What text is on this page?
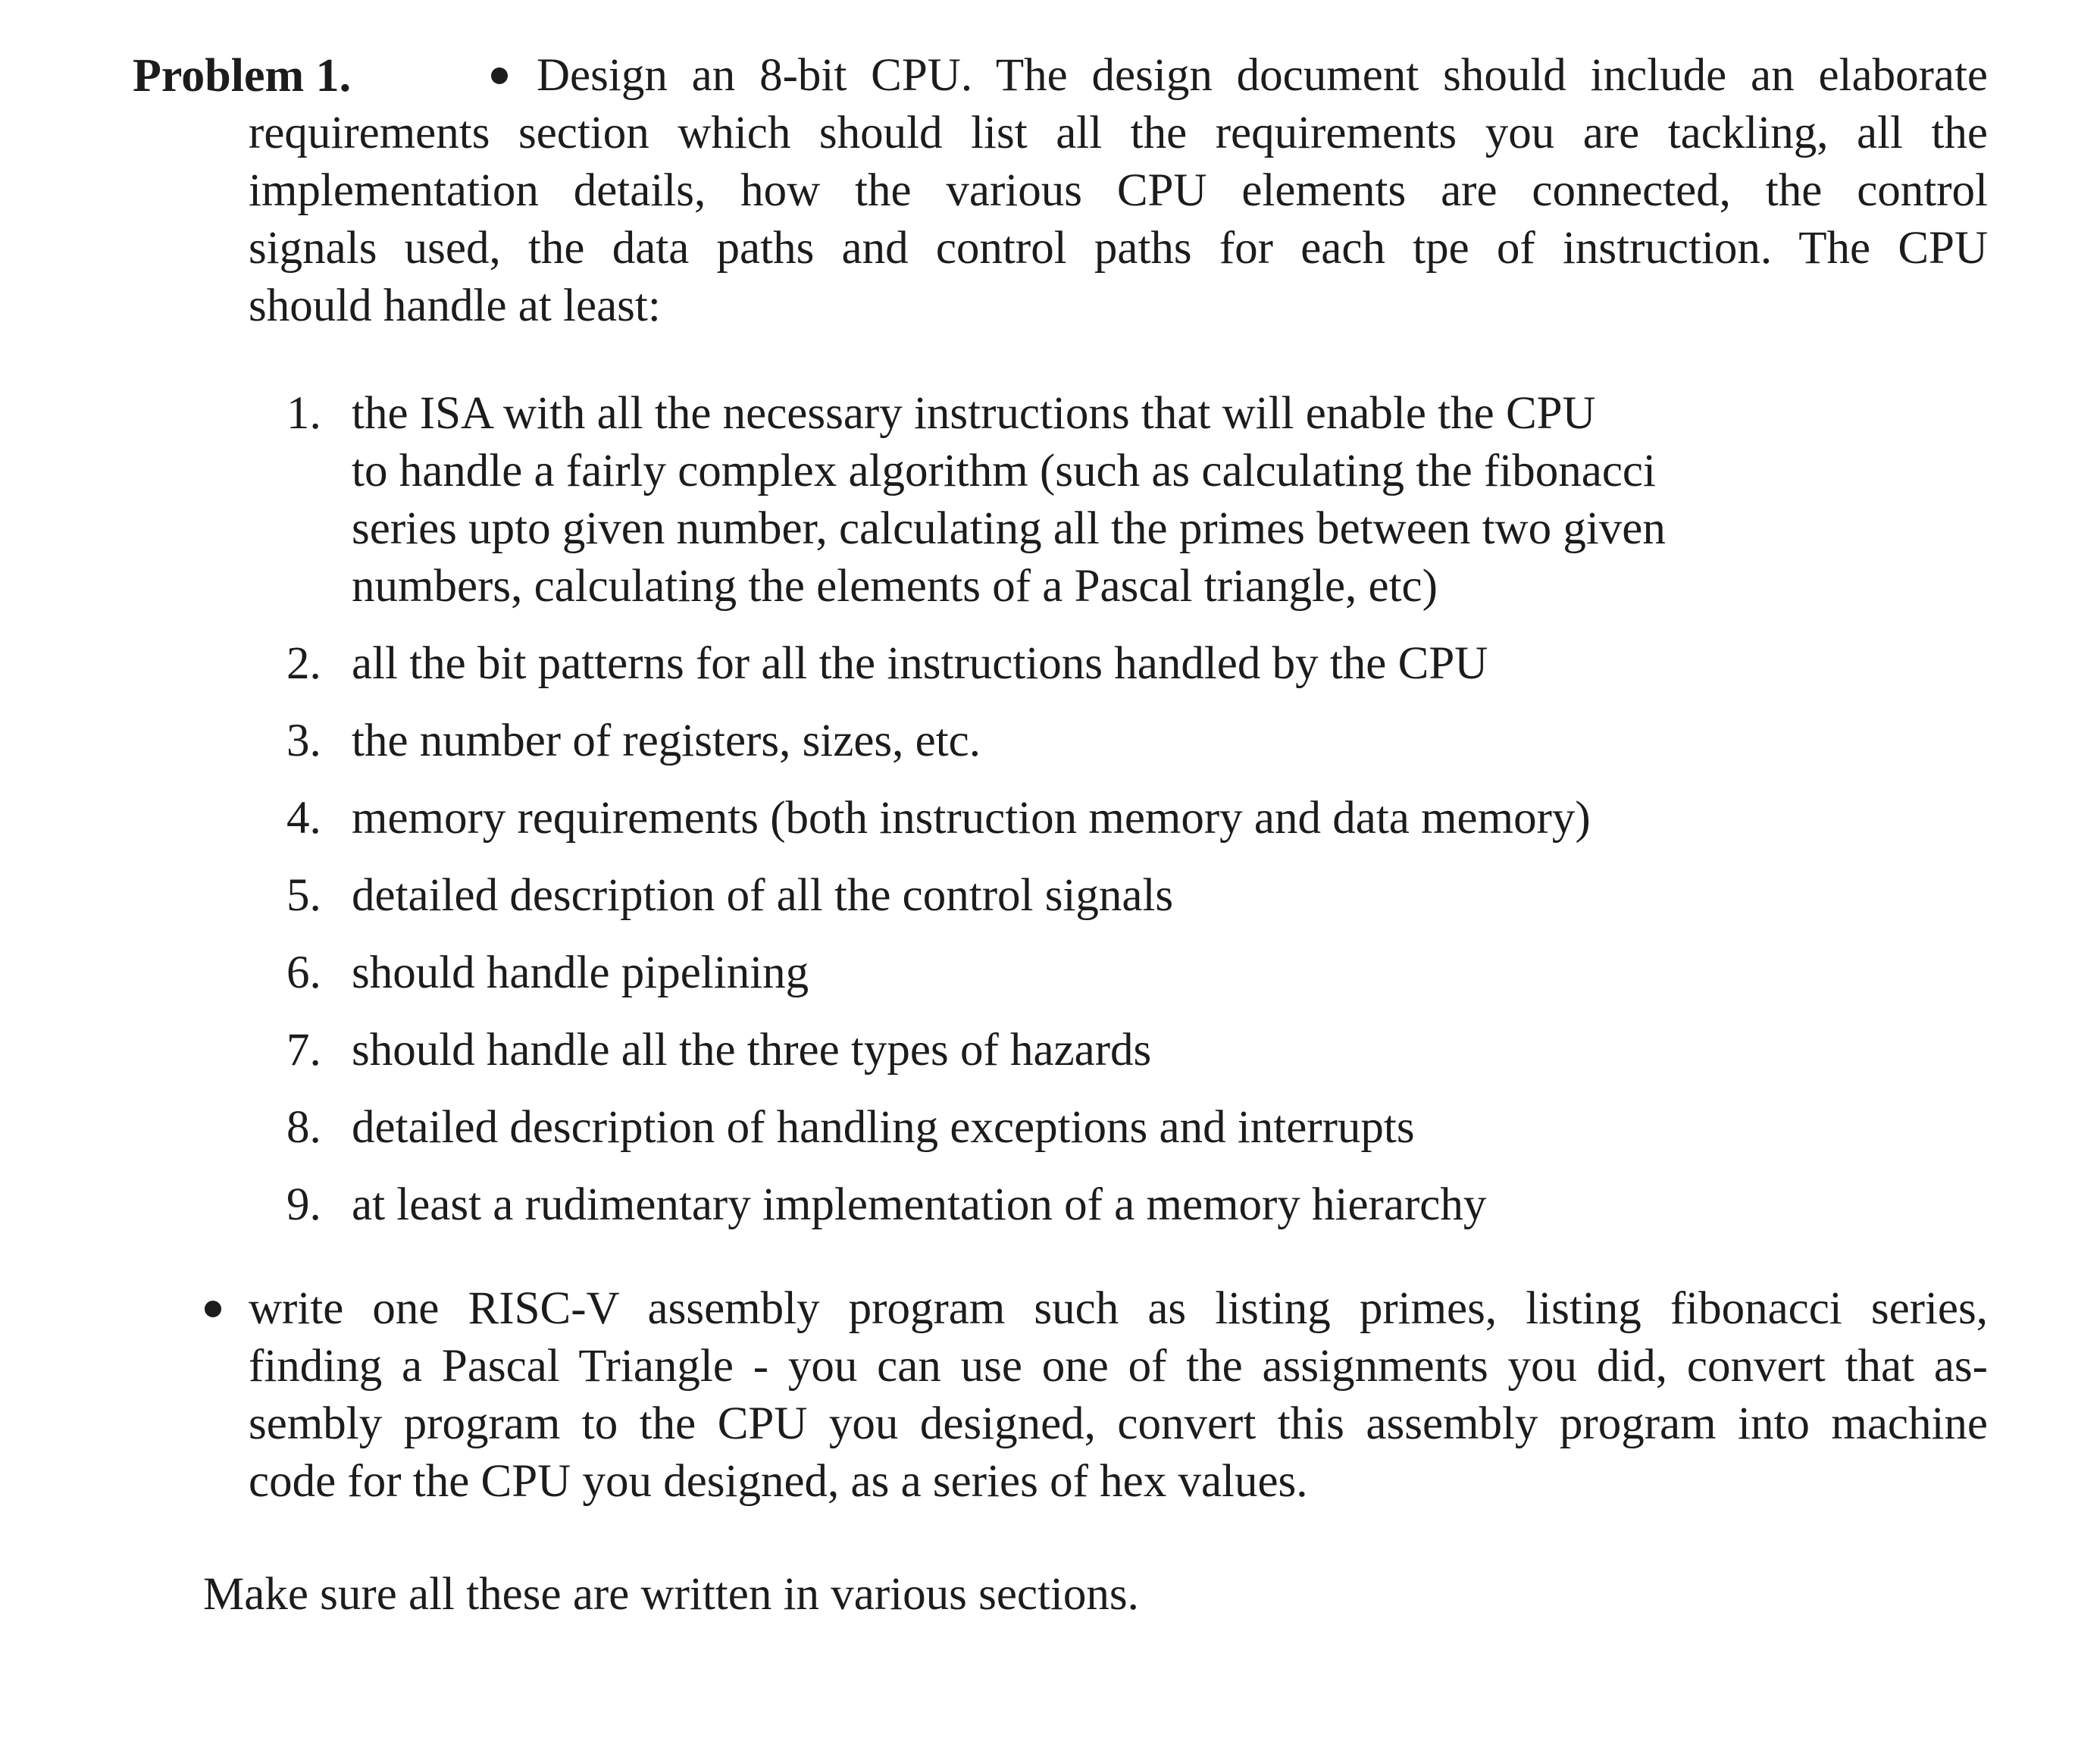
Problem 1.	Design an 8-bit CPU. The design document should include an elaborate
requirements section which should list all the requirements you are tackling, all the
implementation details, how the various CPU elements are connected, the control
signals used, the data paths and control paths for each tpe of instruction. The CPU
should handle at least:
1. the ISA with all the necessary instructions that will enable the CPU
to handle a fairly complex algorithm (such as calculating the fibonacci
series upto given number, calculating all the primes between two given
numbers, calculating the elements of a Pascal triangle, etc)
2. all the bit patterns for all the instructions handled by the CPU
3. the number of registers, sizes, etc.
4. memory requirements (both instruction memory and data memory)
5. detailed description of all the control signals
6. should handle pipelining
7. should handle all the three types of hazards
8. detailed description of handling exceptions and interrupts
9. at least a rudimentary implementation of a memory hierarchy
write one RISC-V assembly program such as listing primes, listing fibonacci series,
finding a Pascal Triangle - you can use one of the assignments you did, convert that as-
sembly program to the CPU you designed, convert this assembly program into machine
code for the CPU you designed, as a series of hex values.
Make sure all these are written in various sections.
